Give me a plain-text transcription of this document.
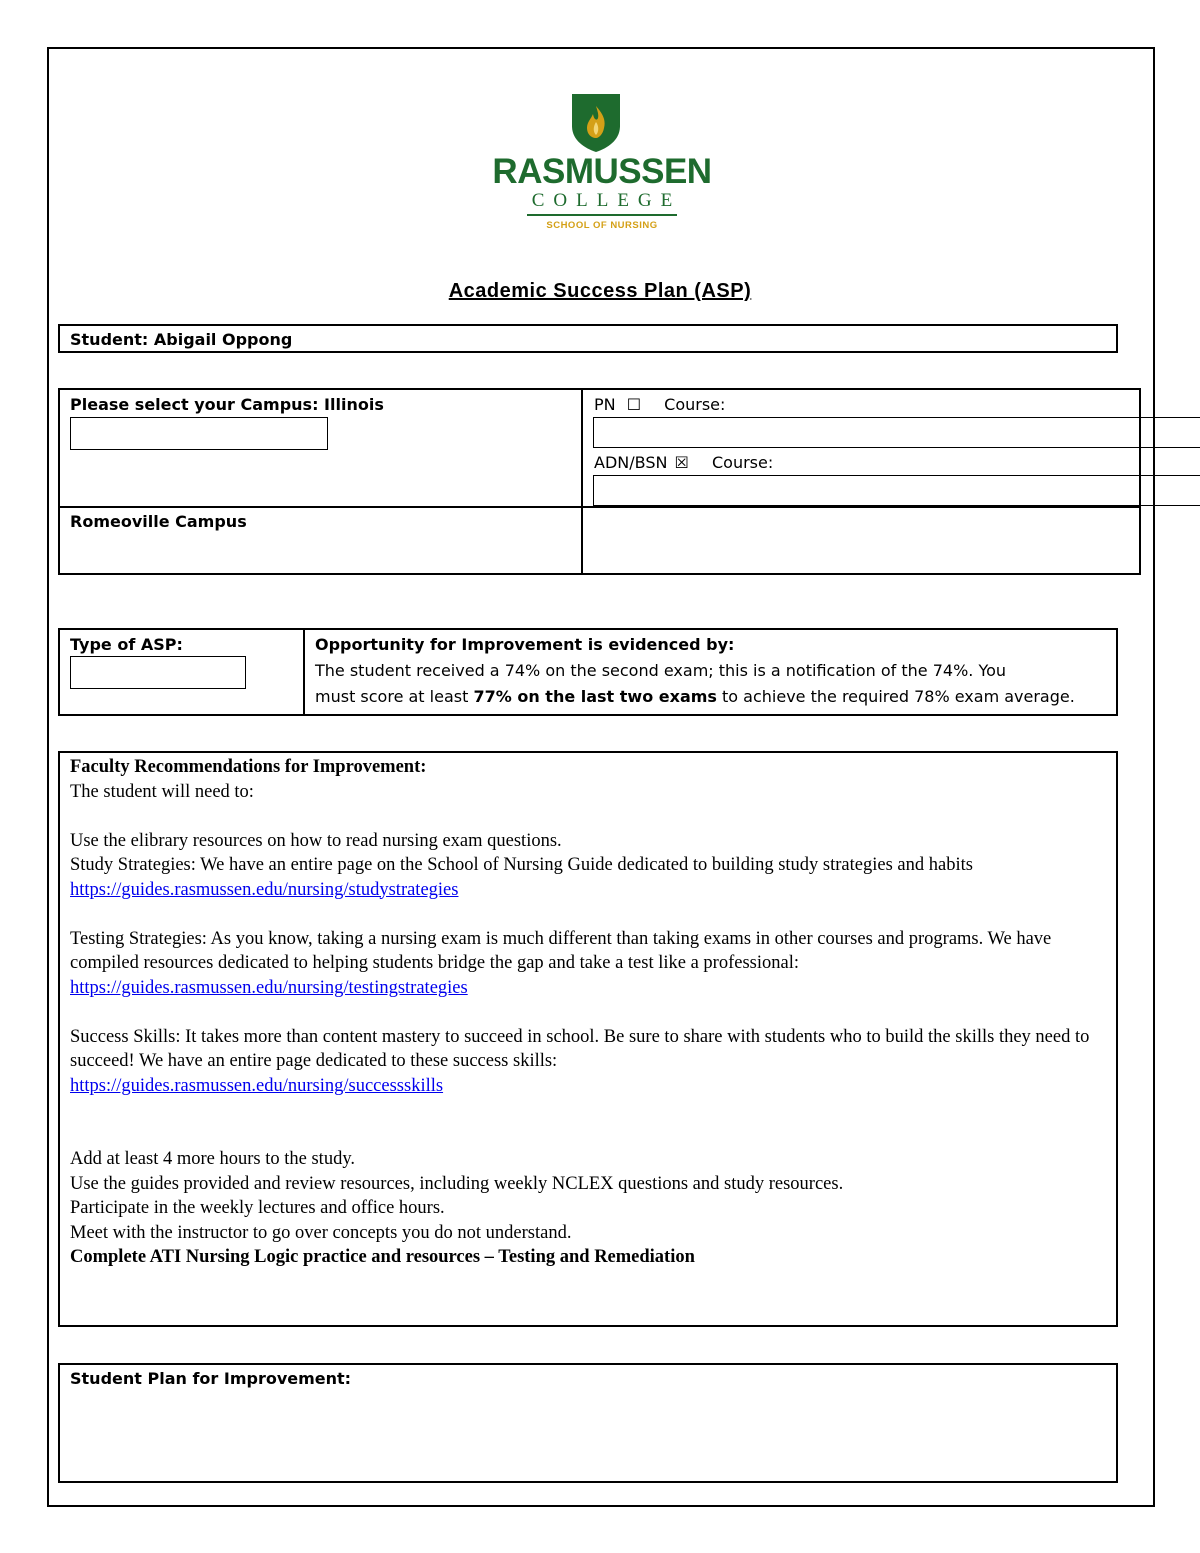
RASMUSSEN
COLLEGE
SCHOOL OF NURSING
Academic Success Plan (ASP)
Student: Abigail Oppong
Please select your Campus: Illinois
Romeoville Campus
PN ☐ Course:
ADN/BSN ☒ Course:
Type of ASP:	Opportunity for Improvement is evidenced by:
The student received a 74% on the second exam; this is a notification of the 74%. You
must score at least 77% on the last two exams to achieve the required 78% exam average.
Faculty Recommendations for Improvement:
The student will need to:

Use the elibrary resources on how to read nursing exam questions.
Study Strategies: We have an entire page on the School of Nursing Guide dedicated to building study strategies and habits
https://guides.rasmussen.edu/nursing/studystrategies

Testing Strategies: As you know, taking a nursing exam is much different than taking exams in other courses and programs. We have compiled resources dedicated to helping students bridge the gap and take a test like a professional:
https://guides.rasmussen.edu/nursing/testingstrategies

Success Skills: It takes more than content mastery to succeed in school. Be sure to share with students who to build the skills they need to succeed! We have an entire page dedicated to these success skills:
https://guides.rasmussen.edu/nursing/successskills

Add at least 4 more hours to the study.
Use the guides provided and review resources, including weekly NCLEX questions and study resources.
Participate in the weekly lectures and office hours.
Meet with the instructor to go over concepts you do not understand.
Complete ATI Nursing Logic practice and resources – Testing and Remediation
Student Plan for Improvement:
